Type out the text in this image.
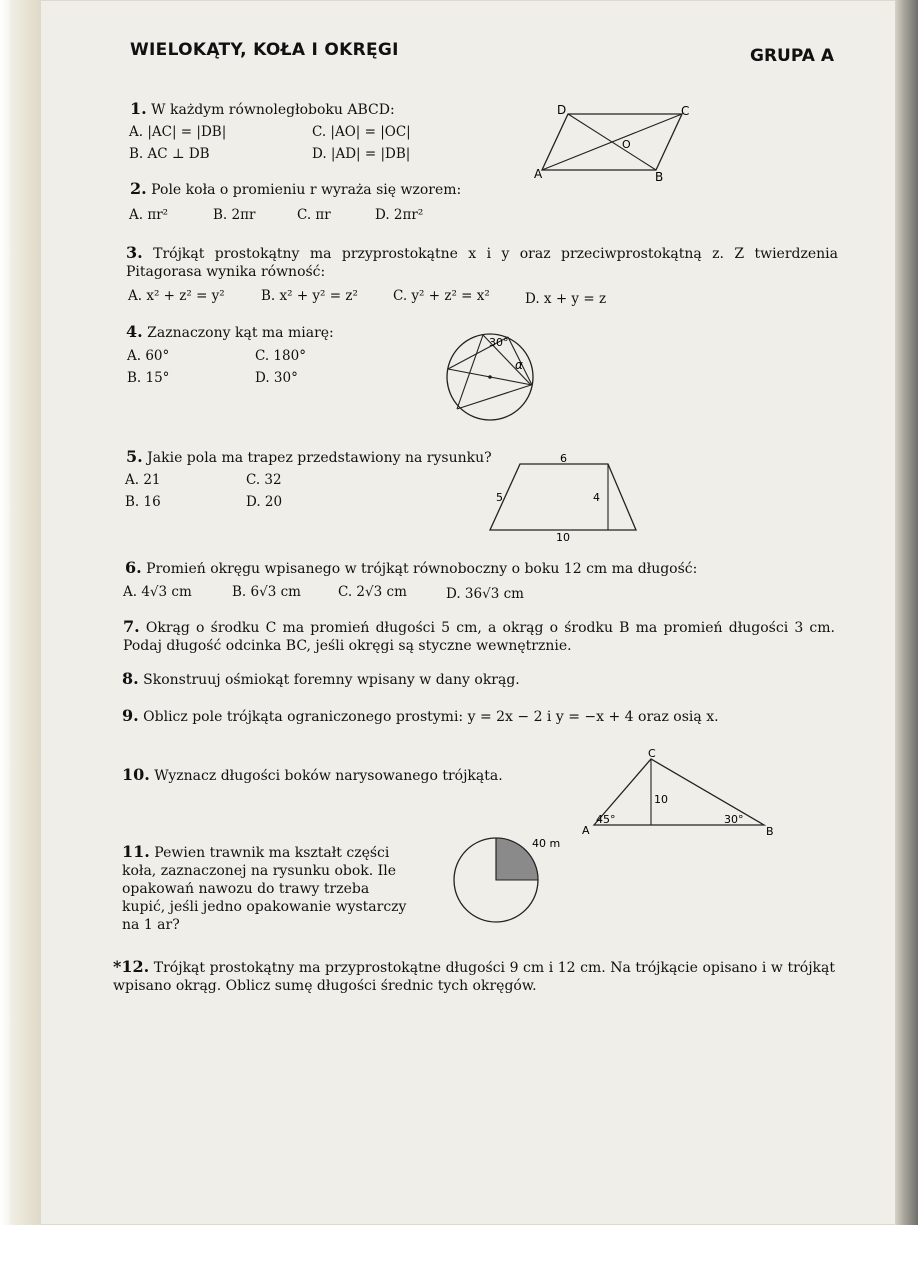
WIELOKĄTY, KOŁA I OKRĘGI	GRUPA A
1. W każdym równoległoboku ABCD:
A. |AC| = |DB|	C. |AO| = |OC|
B. AC ⊥ DB	D. |AD| = |DB|
D	C
O
A	B
2. Pole koła o promieniu r wyraża się wzorem:
A. πr²	B. 2πr	C. πr	D. 2πr²
3. Trójkąt prostokątny ma przyprostokątne x i y oraz przeciwprostokątną z. Z twierdzenia Pitagorasa wynika równość:
A. x² + z² = y²	B. x² + y² = z²	C. y² + z² = x²	D. x + y = z
4. Zaznaczony kąt ma miarę:
A. 60°	C. 180°
B. 15°	D. 30°
30°
α
5. Jakie pola ma trapez przedstawiony na rysunku?
A. 21	C. 32
B. 16	D. 20
6
5	4
10
6. Promień okręgu wpisanego w trójkąt równoboczny o boku 12 cm ma długość:
A. 4√3 cm	B. 6√3 cm	C. 2√3 cm	D. 36√3 cm
7. Okrąg o środku C ma promień długości 5 cm, a okrąg o środku B ma promień długości 3 cm. Podaj długość odcinka BC, jeśli okręgi są styczne wewnętrznie.
8. Skonstruuj ośmiokąt foremny wpisany w dany okrąg.
9. Oblicz pole trójkąta ograniczonego prostymi: y = 2x − 2 i y = −x + 4 oraz osią x.
10. Wyznacz długości boków narysowanego trójkąta.
C
10
A
45°	30°
B
11. Pewien trawnik ma kształt części koła, zaznaczonej na rysunku obok. Ile opakowań nawozu do trawy trzeba kupić, jeśli jedno opakowanie wystarczy na 1 ar?
40 m
*12. Trójkąt prostokątny ma przyprostokątne długości 9 cm i 12 cm. Na trójkącie opisano i w trójkąt wpisano okrąg. Oblicz sumę długości średnic tych okręgów.
